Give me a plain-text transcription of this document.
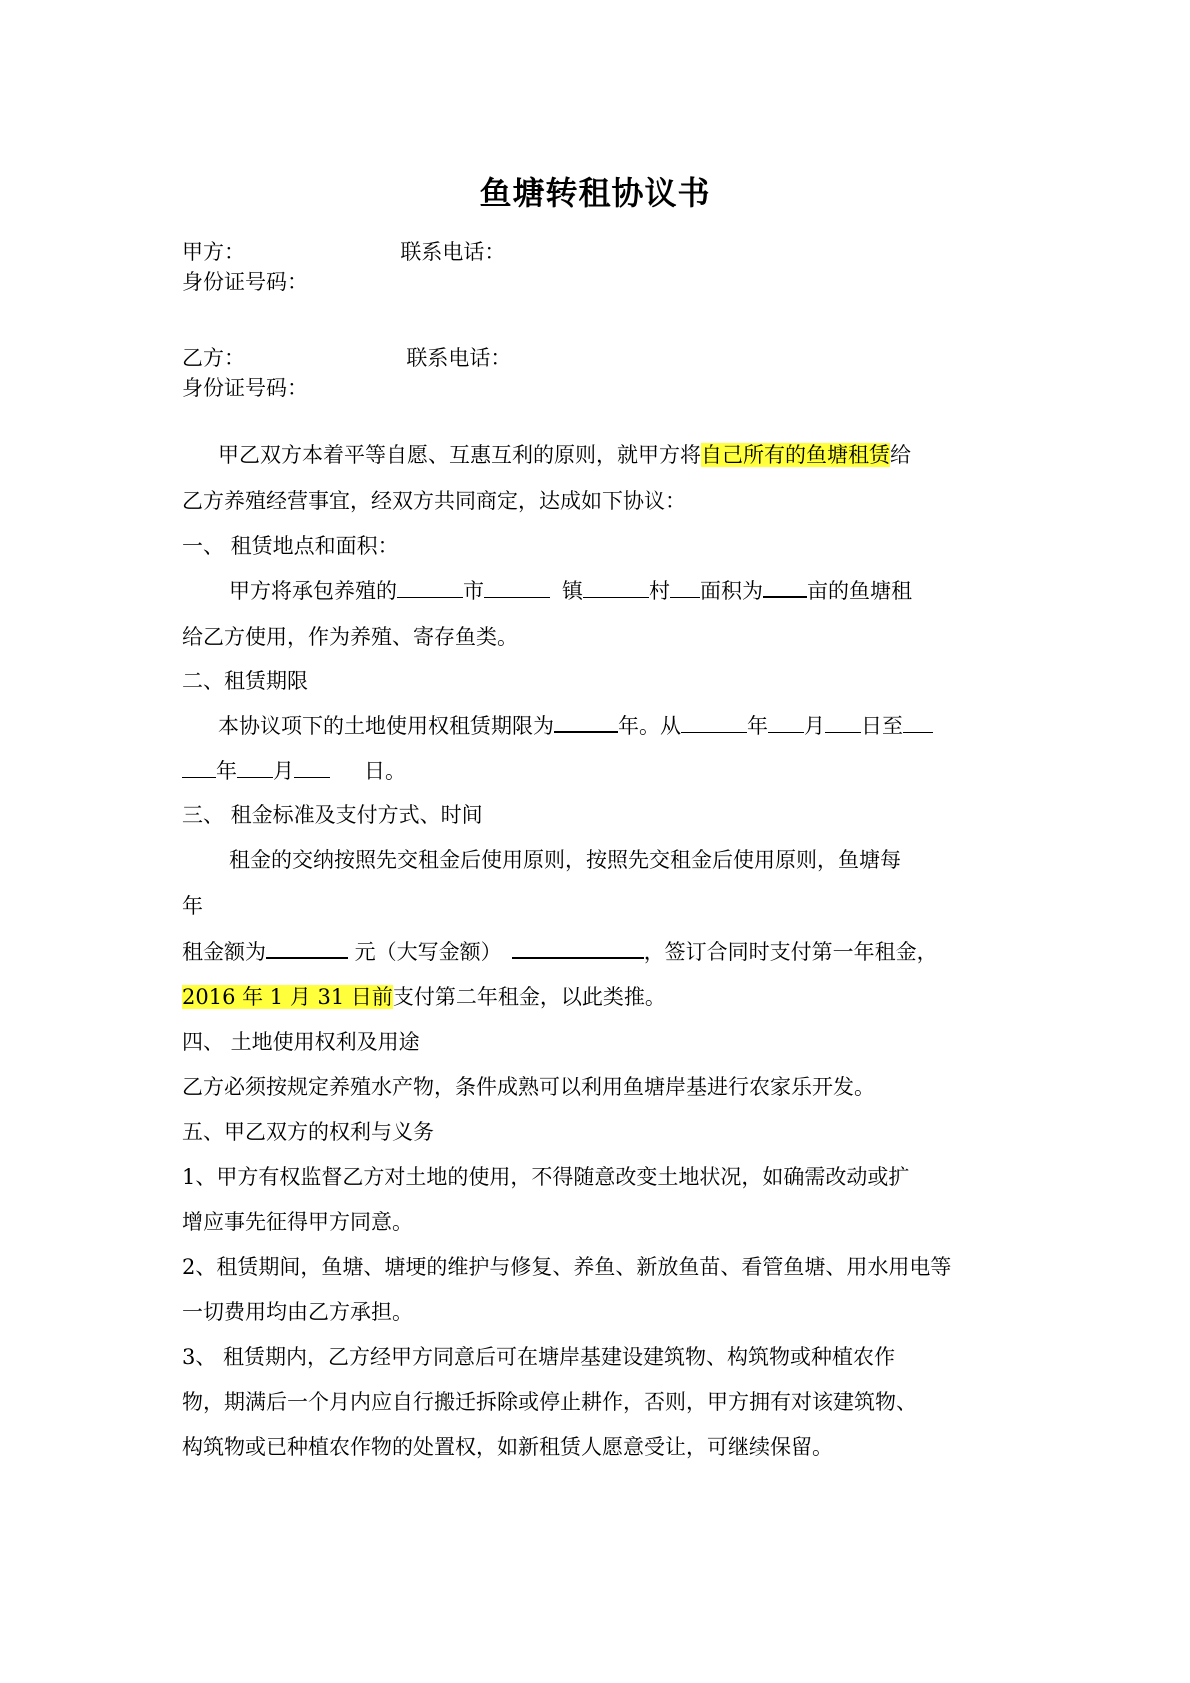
鱼塘转租协议书
甲方：	联系电话：
身份证号码：
乙方：	联系电话：
身份证号码：
甲乙双方本着平等自愿、互惠互利的原则，就甲方将自己所有的鱼塘租赁给
乙方养殖经营事宜，经双方共同商定，达成如下协议：
一、 租赁地点和面积：
甲方将承包养殖的	市	镇	村 面积为 亩的鱼塘租
给乙方使用，作为养殖、寄存鱼类。
二、租赁期限
本协议项下的土地使用权租赁期限为	年。从	年 月 日至
年 月	日。
三、 租金标准及支付方式、时间
租金的交纳按照先交租金后使用原则，按照先交租金后使用原则，鱼塘每
年
租金额为	元（大写金额）	，签订合同时支付第一年租金，
2016 年 1 月 31 日前支付第二年租金，以此类推。
四、 土地使用权利及用途
乙方必须按规定养殖水产物，条件成熟可以利用鱼塘岸基进行农家乐开发。
五、甲乙双方的权利与义务
1、甲方有权监督乙方对土地的使用，不得随意改变土地状况，如确需改动或扩
增应事先征得甲方同意。
2、租赁期间，鱼塘、塘埂的维护与修复、养鱼、新放鱼苗、看管鱼塘、用水用电等
一切费用均由乙方承担。
3、 租赁期内，乙方经甲方同意后可在塘岸基建设建筑物、构筑物或种植农作
物，期满后一个月内应自行搬迁拆除或停止耕作，否则，甲方拥有对该建筑物、
构筑物或已种植农作物的处置权，如新租赁人愿意受让，可继续保留。
